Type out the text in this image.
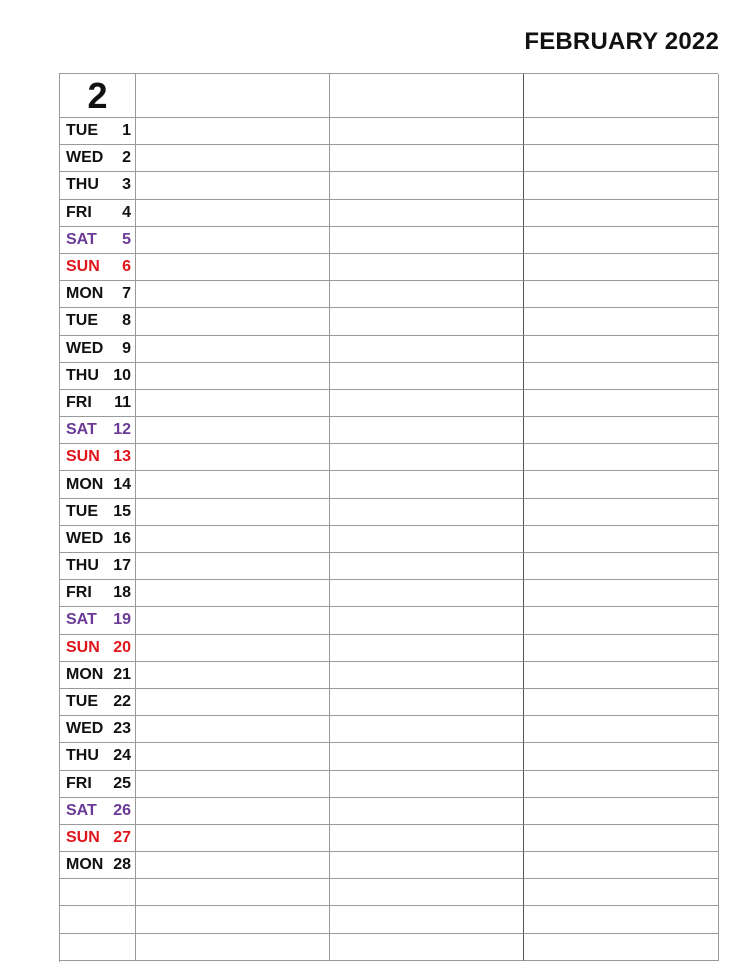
FEBRUARY 2022
2
TUE 1
WED 2
THU 3
FRI 4
SAT 5
SUN 6
MON 7
TUE 8
WED 9
THU 10
FRI 11
SAT 12
SUN 13
MON 14
TUE 15
WED 16
THU 17
FRI 18
SAT 19
SUN 20
MON 21
TUE 22
WED 23
THU 24
FRI 25
SAT 26
SUN 27
MON 28
